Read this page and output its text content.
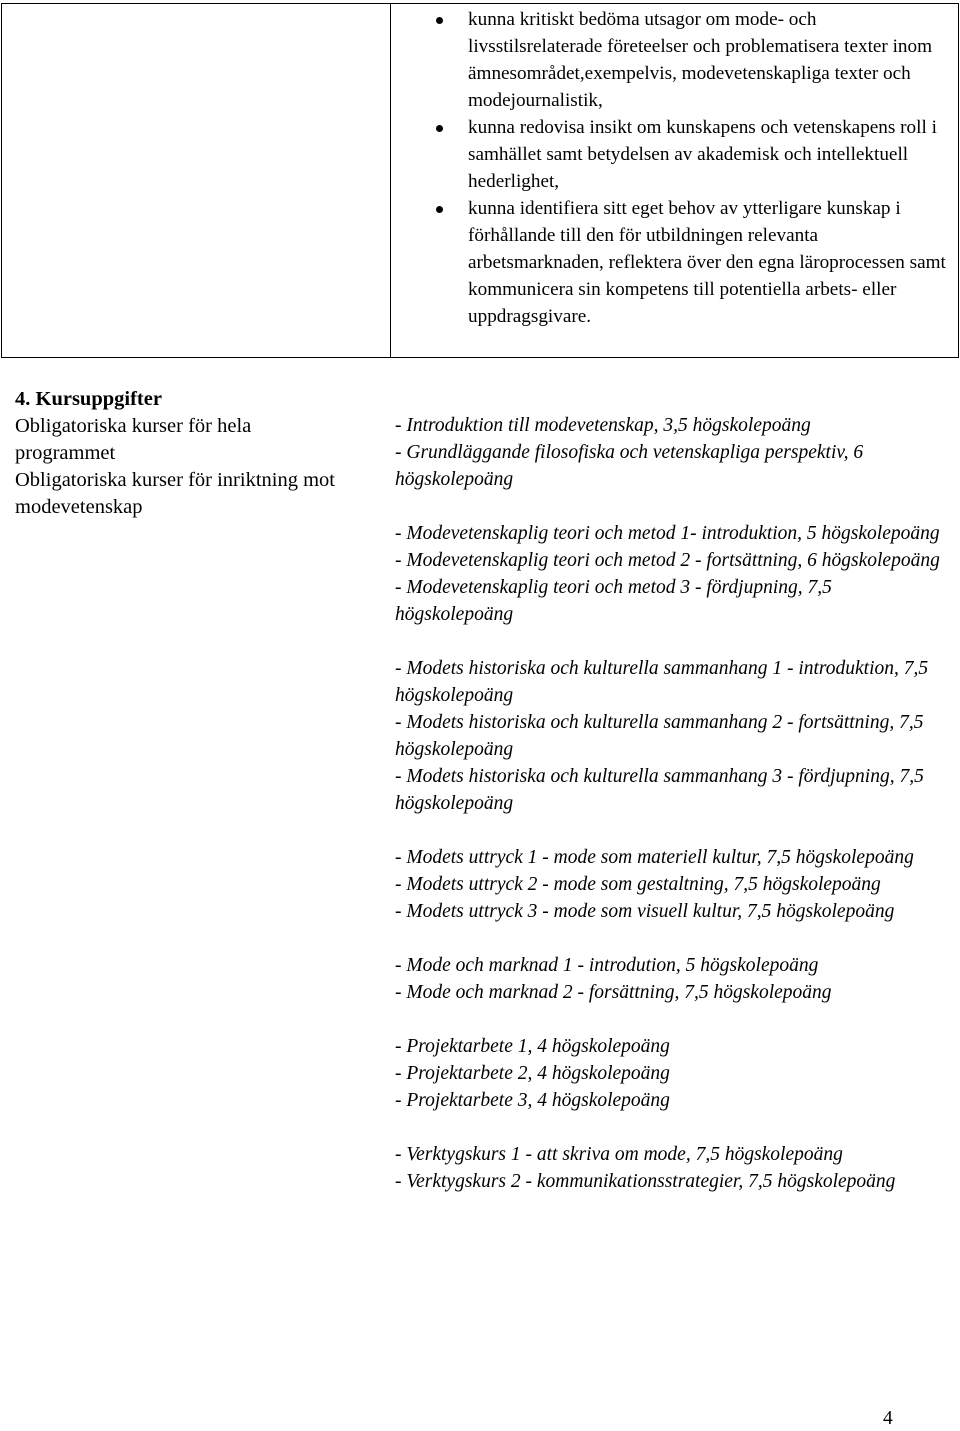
kunna kritiskt bedöma utsagor om mode- och livsstilsrelaterade företeelser och problematisera texter inom ämnesområdet,exempelvis, modevetenskapliga texter och modejournalistik,
kunna redovisa insikt om kunskapens och vetenskapens roll i samhället samt betydelsen av akademisk och intellektuell hederlighet,
kunna identifiera sitt eget behov av ytterligare kunskap i förhållande till den för utbildningen relevanta arbetsmarknaden, reflektera över den egna läroprocessen samt kommunicera sin kompetens till potentiella arbets- eller uppdragsgivare.
4. Kursuppgifter
Obligatoriska kurser för hela programmet
Obligatoriska kurser för inriktning mot modevetenskap
- Introduktion till modevetenskap, 3,5 högskolepoäng
- Grundläggande filosofiska och vetenskapliga perspektiv, 6 högskolepoäng
- Modevetenskaplig teori och metod 1- introduktion, 5 högskolepoäng
- Modevetenskaplig teori och metod 2 - fortsättning, 6 högskolepoäng
- Modevetenskaplig teori och metod 3 - fördjupning, 7,5 högskolepoäng
- Modets historiska och kulturella sammanhang 1 - introduktion, 7,5 högskolepoäng
- Modets historiska och kulturella sammanhang 2 - fortsättning, 7,5 högskolepoäng
- Modets historiska och kulturella sammanhang 3 - fördjupning, 7,5 högskolepoäng
- Modets uttryck 1 - mode som materiell kultur, 7,5 högskolepoäng
- Modets uttryck 2 - mode som gestaltning, 7,5 högskolepoäng
- Modets uttryck 3 - mode som visuell kultur, 7,5 högskolepoäng
- Mode och marknad 1 - introdution, 5 högskolepoäng
- Mode och marknad 2 - forsättning, 7,5 högskolepoäng
- Projektarbete 1, 4 högskolepoäng
- Projektarbete 2, 4 högskolepoäng
- Projektarbete 3, 4 högskolepoäng
- Verktygskurs 1 - att skriva om mode, 7,5 högskolepoäng
- Verktygskurs 2 - kommunikationsstrategier, 7,5 högskolepoäng
4
